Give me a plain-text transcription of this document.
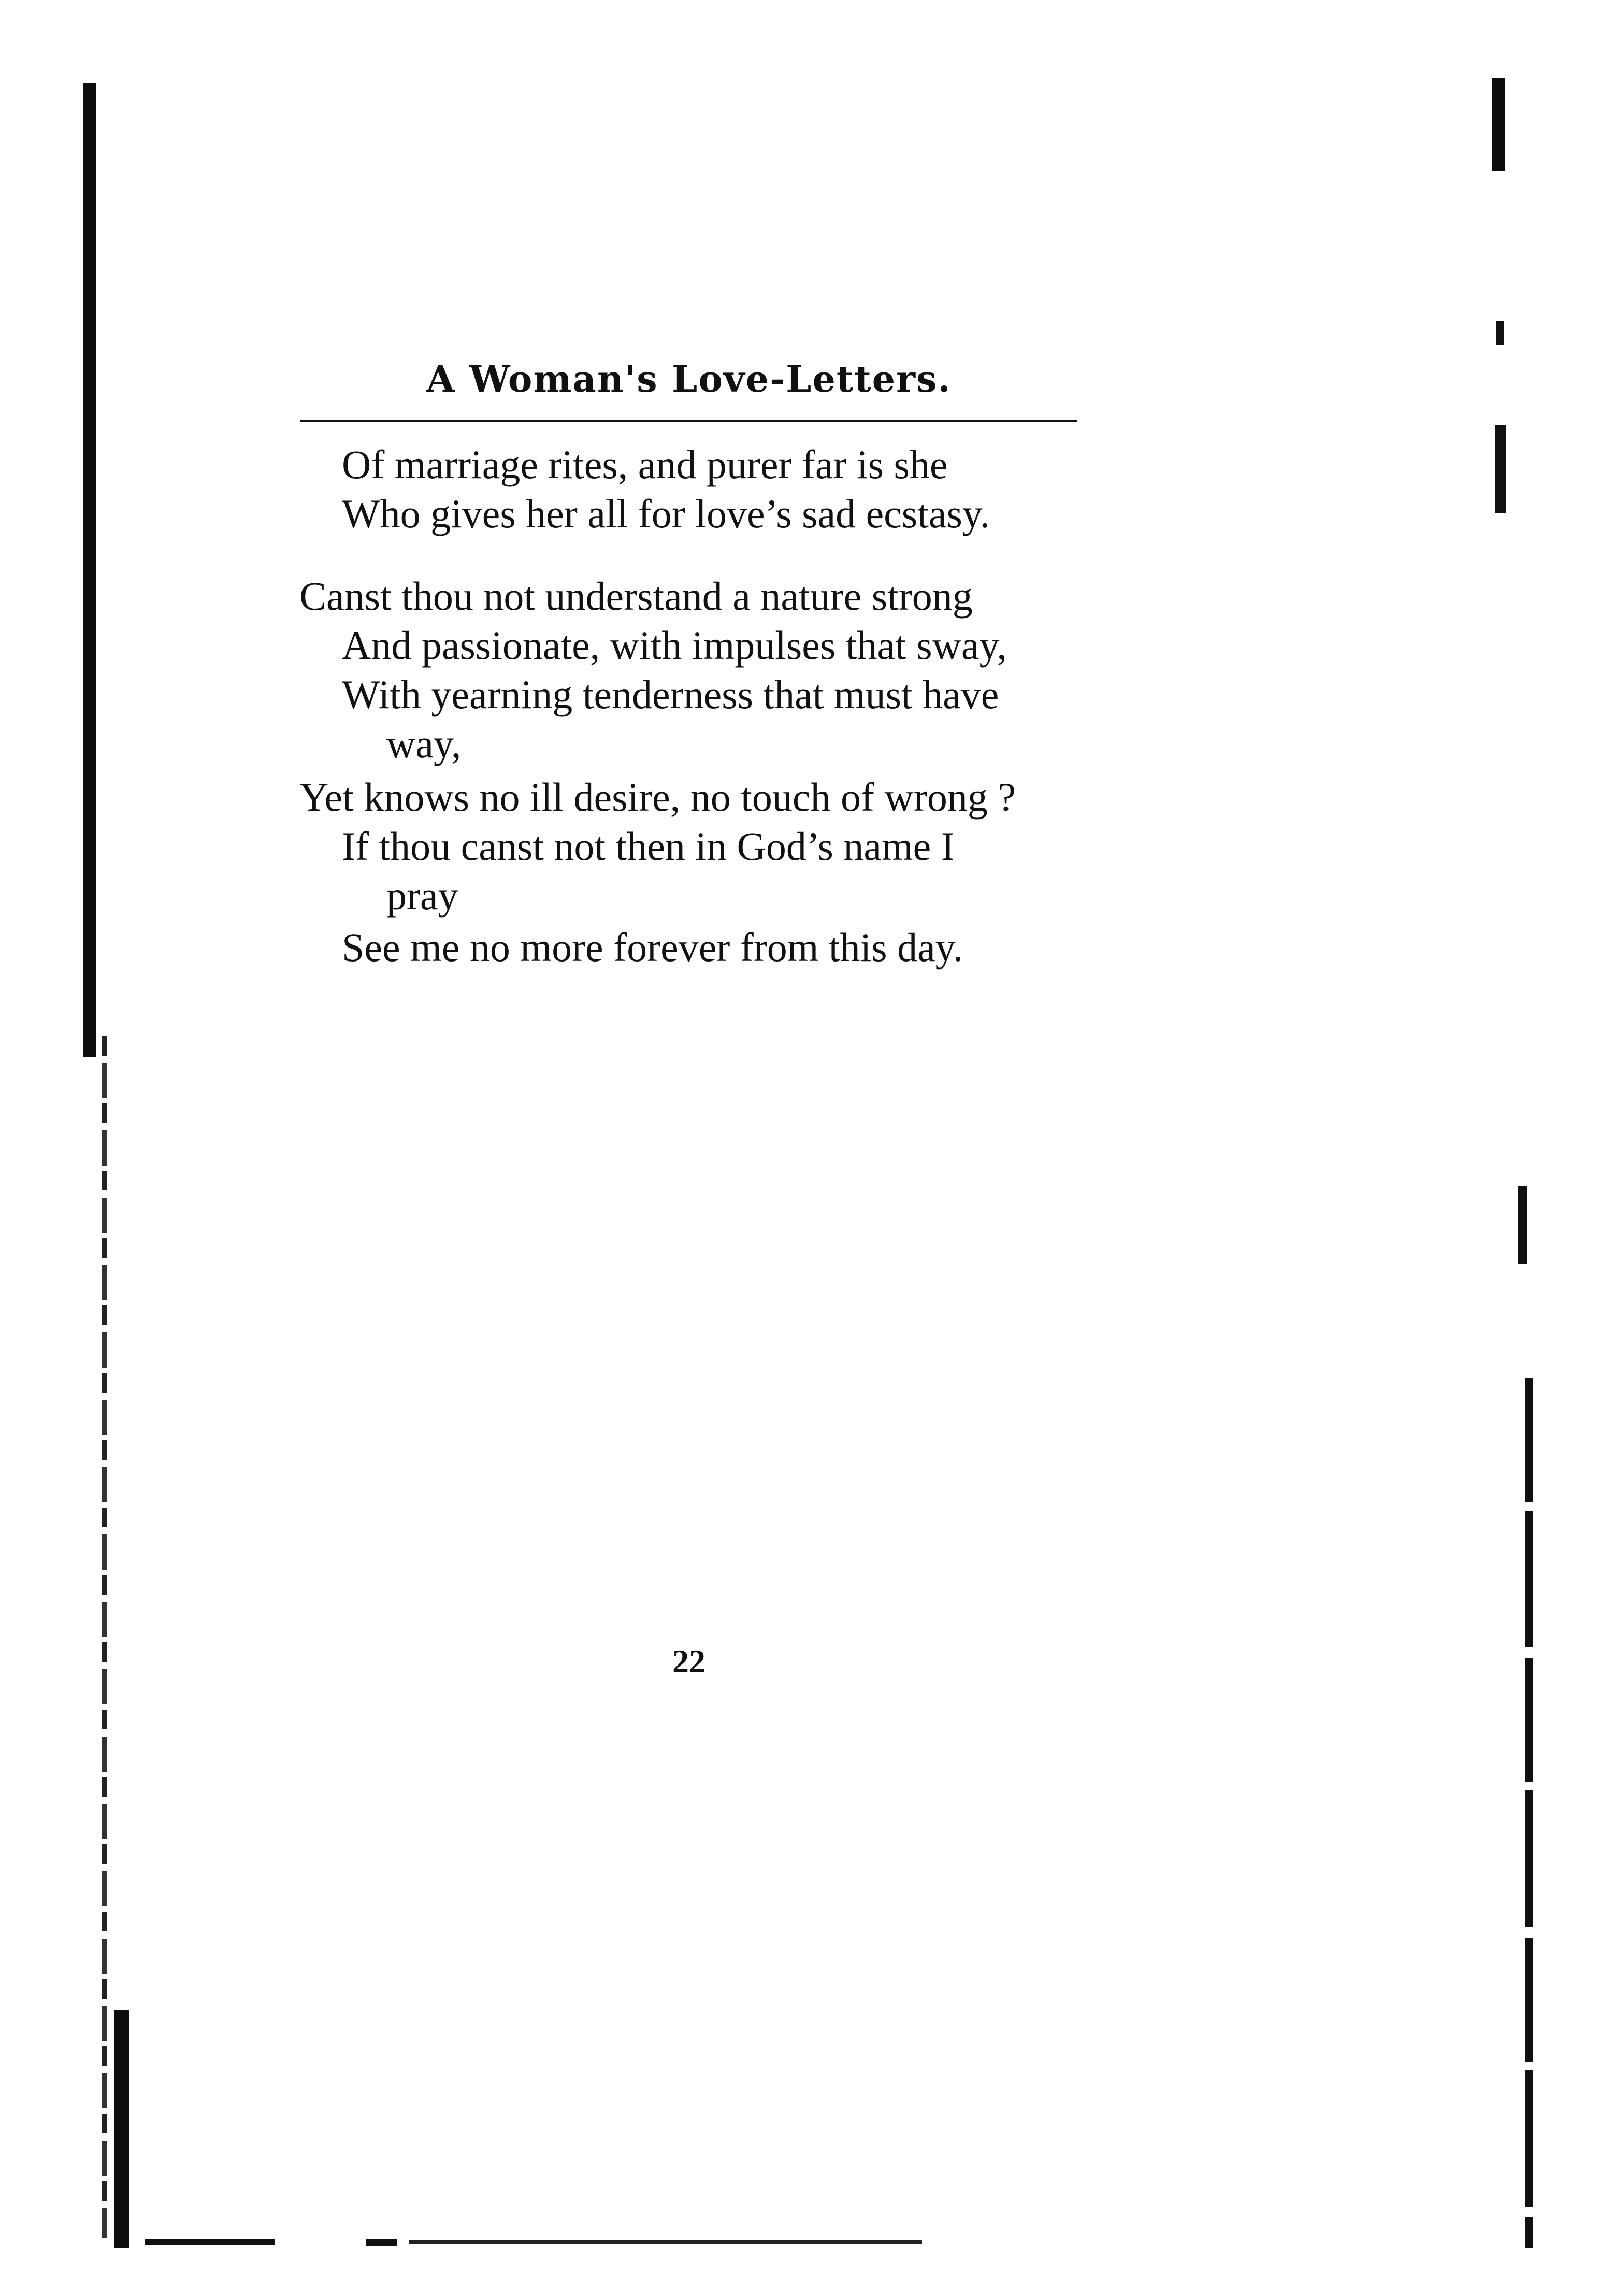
A Woman's Love-Letters.
Of marriage rites, and purer far is she
Who gives her all for love’s sad ecstasy.
Canst thou not understand a nature strong
And passionate, with impulses that sway,
With yearning tenderness that must have
way,
Yet knows no ill desire, no touch of wrong ?
If thou canst not then in God’s name I
pray
See me no more forever from this day.
22
